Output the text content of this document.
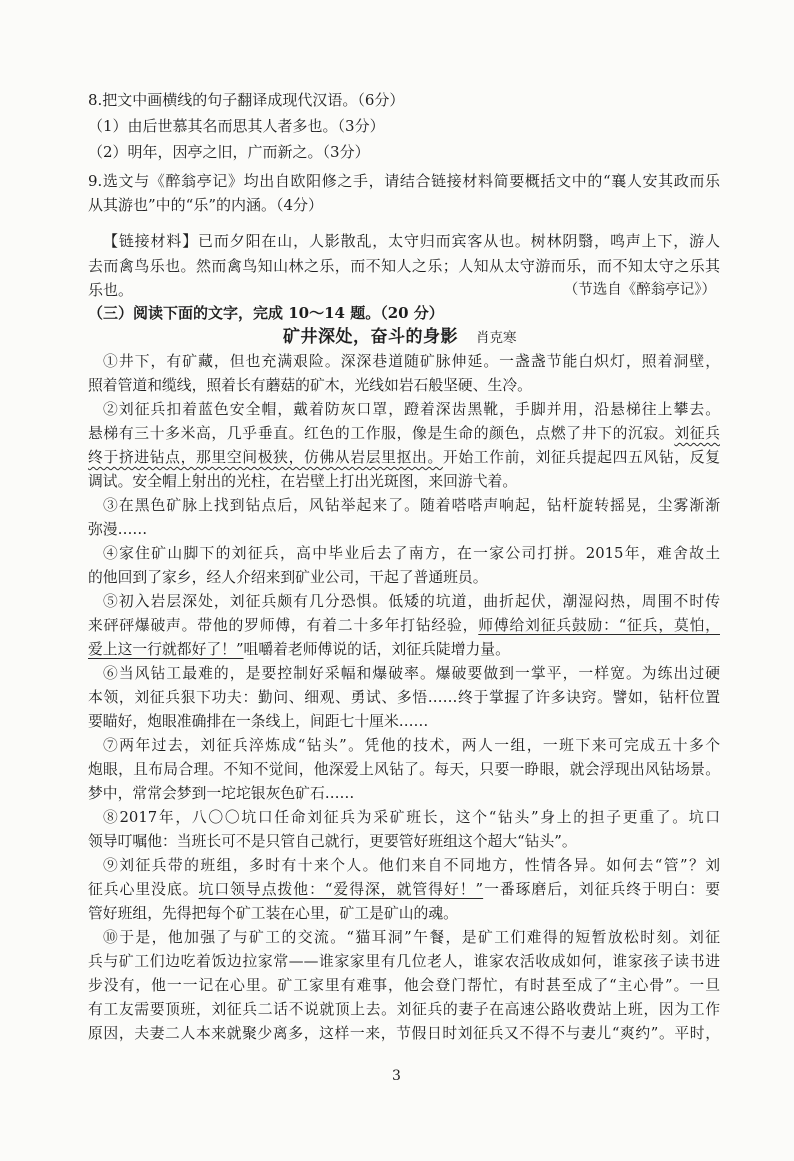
8.把文中画横线的句子翻译成现代汉语。（6分）
（1）由后世慕其名而思其人者多也。（3分）
（2）明年，因亭之旧，广而新之。（3分）
9.选文与《醉翁亭记》均出自欧阳修之手，请结合链接材料简要概括文中的“襄人安其政而乐
从其游也”中的“乐”的内涵。（4分）
【链接材料】已而夕阳在山，人影散乱，太守归而宾客从也。树林阴翳，鸣声上下，游人
去而禽鸟乐也。然而禽鸟知山林之乐，而不知人之乐；人知从太守游而乐，而不知太守之乐其
乐也。	（节选自《醉翁亭记》）
（三）阅读下面的文字，完成 10～14 题。（20 分）
矿井深处，奋斗的身影 肖克寒
①井下，有矿藏，但也充满艰险。深深巷道随矿脉伸延。一盏盏节能白炽灯，照着洞壁，
照着管道和缆线，照着长有蘑菇的矿木，光线如岩石般坚硬、生冷。
②刘征兵扣着蓝色安全帽，戴着防灰口罩，蹬着深齿黑靴，手脚并用，沿悬梯往上攀去。
悬梯有三十多米高，几乎垂直。红色的工作服，像是生命的颜色，点燃了井下的沉寂。刘征兵
终于挤进钻点，那里空间极狭，仿佛从岩层里抠出。开始工作前，刘征兵提起四五风钻，反复
调试。安全帽上射出的光柱，在岩壁上打出光斑图，来回游弋着。
③在黑色矿脉上找到钻点后，风钻举起来了。随着嗒嗒声响起，钻杆旋转摇晃，尘雾渐渐
弥漫……
④家住矿山脚下的刘征兵，高中毕业后去了南方，在一家公司打拼。2015年，难舍故土
的他回到了家乡，经人介绍来到矿业公司，干起了普通班员。
⑤初入岩层深处，刘征兵颇有几分恐惧。低矮的坑道，曲折起伏，潮湿闷热，周围不时传
来砰砰爆破声。带他的罗师傅，有着二十多年打钻经验，师傅给刘征兵鼓励：“征兵，莫怕，
爱上这一行就都好了！”咀嚼着老师傅说的话，刘征兵陡增力量。
⑥当风钻工最难的，是要控制好采幅和爆破率。爆破要做到一掌平，一样宽。为练出过硬
本领，刘征兵狠下功夫：勤问、细观、勇试、多悟……终于掌握了许多诀窍。譬如，钻杆位置
要瞄好，炮眼准确排在一条线上，间距七十厘米……
⑦两年过去，刘征兵淬炼成“钻头”。凭他的技术，两人一组，一班下来可完成五十多个
炮眼，且布局合理。不知不觉间，他深爱上风钻了。每天，只要一睁眼，就会浮现出风钻场景。
梦中，常常会梦到一坨坨银灰色矿石……
⑧2017年，八〇〇坑口任命刘征兵为采矿班长，这个“钻头”身上的担子更重了。坑口
领导叮嘱他：当班长可不是只管自己就行，更要管好班组这个超大“钻头”。
⑨刘征兵带的班组，多时有十来个人。他们来自不同地方，性情各异。如何去“管”？刘
征兵心里没底。坑口领导点拨他：“爱得深，就管得好！”一番琢磨后，刘征兵终于明白：要
管好班组，先得把每个矿工装在心里，矿工是矿山的魂。
⑩于是，他加强了与矿工的交流。“猫耳洞”午餐，是矿工们难得的短暂放松时刻。刘征
兵与矿工们边吃着饭边拉家常——谁家家里有几位老人，谁家农活收成如何，谁家孩子读书进
步没有，他一一记在心里。矿工家里有难事，他会登门帮忙，有时甚至成了“主心骨”。一旦
有工友需要顶班，刘征兵二话不说就顶上去。刘征兵的妻子在高速公路收费站上班，因为工作
原因，夫妻二人本来就聚少离多，这样一来，节假日时刘征兵又不得不与妻儿“爽约”。平时，
3
